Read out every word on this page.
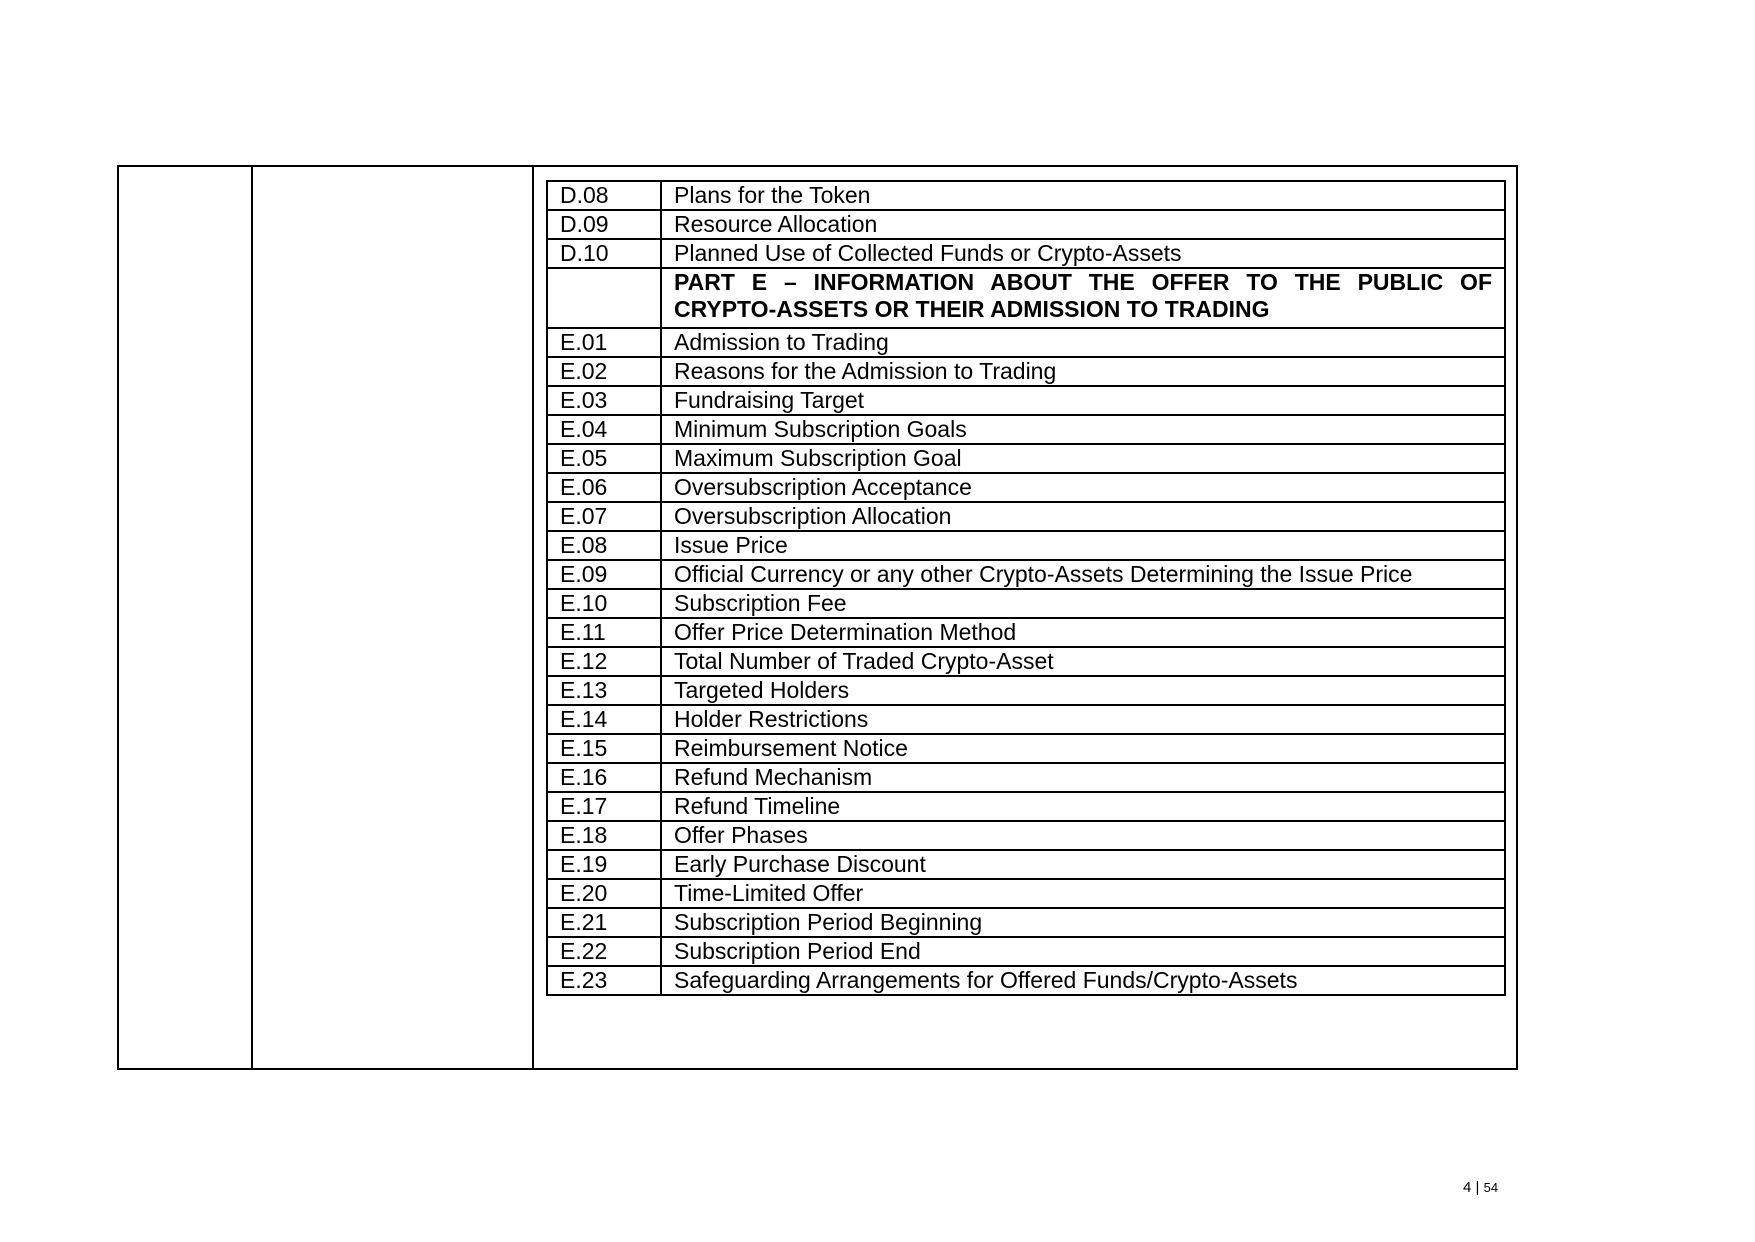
D.08	Plans for the Token
D.09	Resource Allocation
D.10	Planned Use of Collected Funds or Crypto-Assets
	PART E – INFORMATION ABOUT THE OFFER TO THE PUBLIC OF CRYPTO-ASSETS OR THEIR ADMISSION TO TRADING
E.01	Admission to Trading
E.02	Reasons for the Admission to Trading
E.03	Fundraising Target
E.04	Minimum Subscription Goals
E.05	Maximum Subscription Goal
E.06	Oversubscription Acceptance
E.07	Oversubscription Allocation
E.08	Issue Price
E.09	Official Currency or any other Crypto-Assets Determining the Issue Price
E.10	Subscription Fee
E.11	Offer Price Determination Method
E.12	Total Number of Traded Crypto-Asset
E.13	Targeted Holders
E.14	Holder Restrictions
E.15	Reimbursement Notice
E.16	Refund Mechanism
E.17	Refund Timeline
E.18	Offer Phases
E.19	Early Purchase Discount
E.20	Time-Limited Offer
E.21	Subscription Period Beginning
E.22	Subscription Period End
E.23	Safeguarding Arrangements for Offered Funds/Crypto-Assets
4 | 54
